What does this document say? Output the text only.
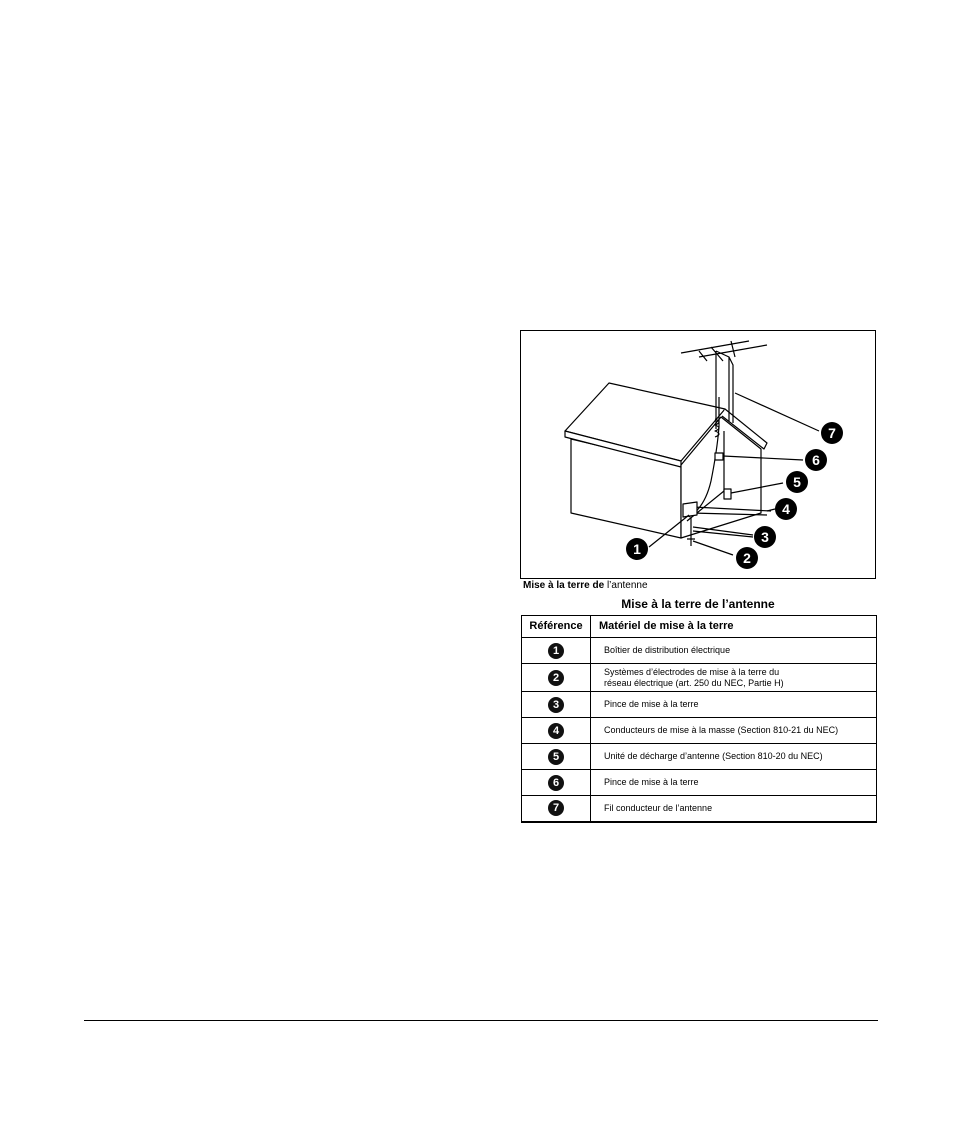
7
6
5
4
3
2
1
Mise à la terre de l’antenne
Mise à la terre de l’antenne
Référence	Matériel de mise à la terre
1	Boîtier de distribution électrique
2	Systèmes d’électrodes de mise à la terre du
réseau électrique (art. 250 du NEC, Partie H)
3	Pince de mise à la terre
4	Conducteurs de mise à la masse (Section 810-21 du NEC)
5	Unité de décharge d’antenne (Section 810-20 du NEC)
6	Pince de mise à la terre
7	Fil conducteur de l’antenne
